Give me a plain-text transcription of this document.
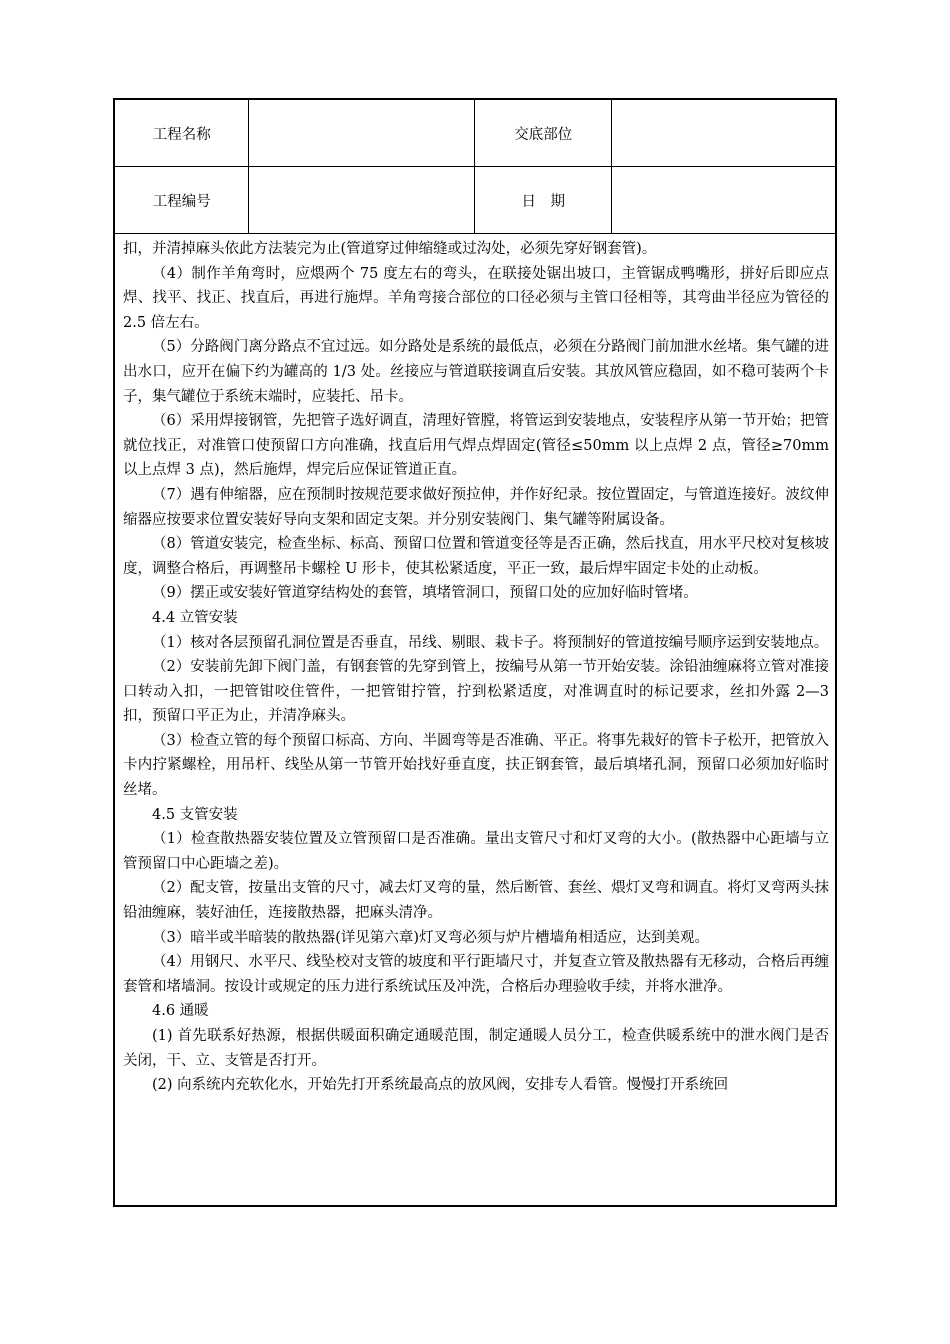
工程名称		交底部位	
工程编号		日　期	

扣，并清掉麻头依此方法装完为止(管道穿过伸缩缝或过沟处，必须先穿好钢套管)。

（4）制作羊角弯时，应煨两个 75 度左右的弯头，在联接处锯出坡口，主管锯成鸭嘴形，拼好后即应点焊、找平、找正、找直后，再进行施焊。羊角弯接合部位的口径必须与主管口径相等，其弯曲半径应为管径的 2.5 倍左右。

（5）分路阀门离分路点不宜过远。如分路处是系统的最低点，必须在分路阀门前加泄水丝堵。集气罐的进出水口，应开在偏下约为罐高的 1/3 处。丝接应与管道联接调直后安装。其放风管应稳固，如不稳可装两个卡子，集气罐位于系统末端时，应装托、吊卡。

（6）采用焊接钢管，先把管子选好调直，清理好管膛，将管运到安装地点，安装程序从第一节开始；把管就位找正，对准管口使预留口方向准确，找直后用气焊点焊固定(管径≤50mm 以上点焊 2 点，管径≥70mm 以上点焊 3 点)，然后施焊，焊完后应保证管道正直。

（7）遇有伸缩器，应在预制时按规范要求做好预拉伸，并作好纪录。按位置固定，与管道连接好。波纹伸缩器应按要求位置安装好导向支架和固定支架。并分别安装阀门、集气罐等附属设备。

（8）管道安装完，检查坐标、标高、预留口位置和管道变径等是否正确，然后找直，用水平尺校对复核坡度，调整合格后，再调整吊卡螺栓 U 形卡，使其松紧适度，平正一致，最后焊牢固定卡处的止动板。

（9）摆正或安装好管道穿结构处的套管，填堵管洞口，预留口处的应加好临时管堵。

4.4 立管安装

（1）核对各层预留孔洞位置是否垂直，吊线、剔眼、栽卡子。将预制好的管道按编号顺序运到安装地点。

（2）安装前先卸下阀门盖，有钢套管的先穿到管上，按编号从第一节开始安装。涂铅油缠麻将立管对准接口转动入扣，一把管钳咬住管件，一把管钳拧管，拧到松紧适度，对准调直时的标记要求，丝扣外露 2—3 扣，预留口平正为止，并清净麻头。

（3）检查立管的每个预留口标高、方向、半圆弯等是否准确、平正。将事先栽好的管卡子松开，把管放入卡内拧紧螺栓，用吊杆、线坠从第一节管开始找好垂直度，扶正钢套管，最后填堵孔洞，预留口必须加好临时丝堵。

4.5 支管安装

（1）检查散热器安装位置及立管预留口是否准确。量出支管尺寸和灯叉弯的大小。(散热器中心距墙与立管预留口中心距墙之差)。

（2）配支管，按量出支管的尺寸，减去灯叉弯的量，然后断管、套丝、煨灯叉弯和调直。将灯叉弯两头抹铅油缠麻，装好油任，连接散热器，把麻头清净。

（3）暗半或半暗装的散热器(详见第六章)灯叉弯必须与炉片槽墙角相适应，达到美观。

（4）用钢尺、水平尺、线坠校对支管的坡度和平行距墙尺寸，并复查立管及散热器有无移动，合格后再缠套管和堵墙洞。按设计或规定的压力进行系统试压及冲洗，合格后办理验收手续，并将水泄净。

4.6 通暖

(1) 首先联系好热源，根据供暖面积确定通暖范围，制定通暖人员分工，检查供暖系统中的泄水阀门是否关闭，干、立、支管是否打开。

(2) 向系统内充软化水，开始先打开系统最高点的放风阀，安排专人看管。慢慢打开系统回
